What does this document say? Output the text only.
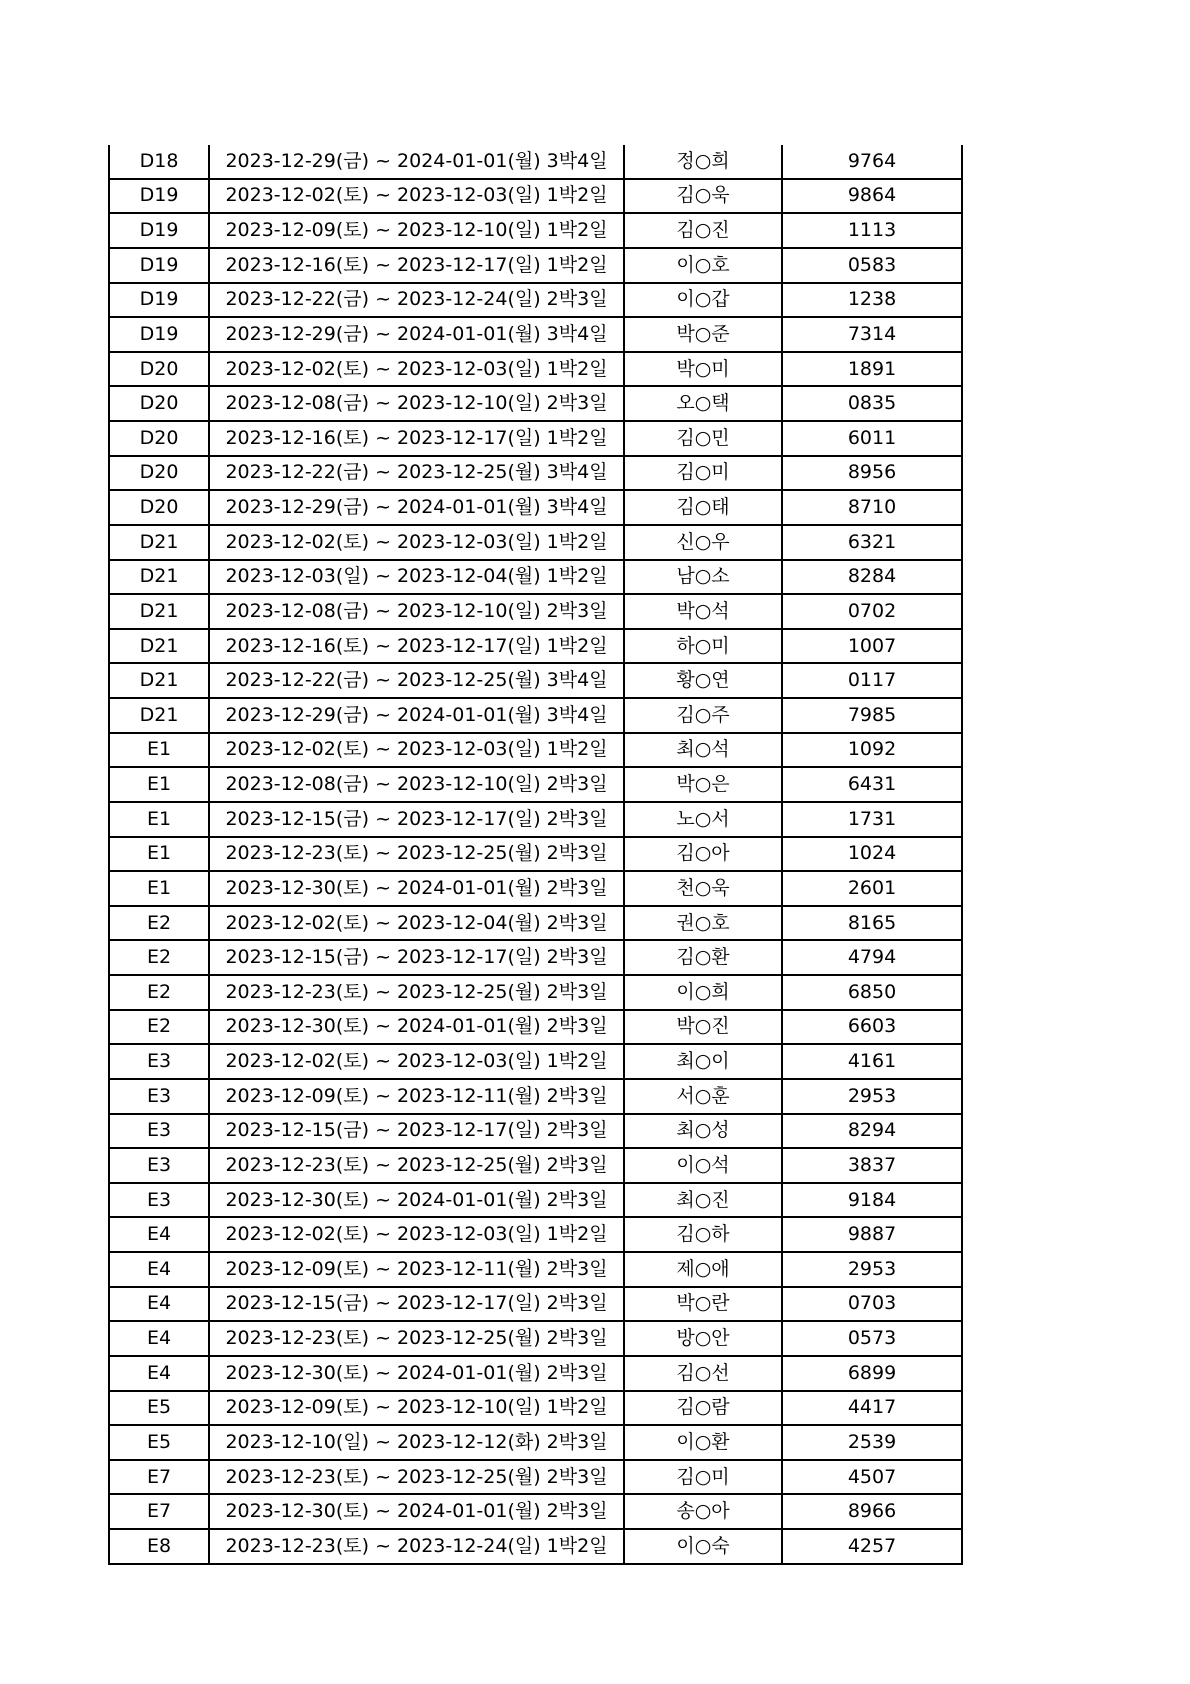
D18	2023-12-29(금) ~ 2024-01-01(월) 3박4일	정○희	9764
D19	2023-12-02(토) ~ 2023-12-03(일) 1박2일	김○욱	9864
D19	2023-12-09(토) ~ 2023-12-10(일) 1박2일	김○진	1113
D19	2023-12-16(토) ~ 2023-12-17(일) 1박2일	이○호	0583
D19	2023-12-22(금) ~ 2023-12-24(일) 2박3일	이○갑	1238
D19	2023-12-29(금) ~ 2024-01-01(월) 3박4일	박○준	7314
D20	2023-12-02(토) ~ 2023-12-03(일) 1박2일	박○미	1891
D20	2023-12-08(금) ~ 2023-12-10(일) 2박3일	오○택	0835
D20	2023-12-16(토) ~ 2023-12-17(일) 1박2일	김○민	6011
D20	2023-12-22(금) ~ 2023-12-25(월) 3박4일	김○미	8956
D20	2023-12-29(금) ~ 2024-01-01(월) 3박4일	김○태	8710
D21	2023-12-02(토) ~ 2023-12-03(일) 1박2일	신○우	6321
D21	2023-12-03(일) ~ 2023-12-04(월) 1박2일	남○소	8284
D21	2023-12-08(금) ~ 2023-12-10(일) 2박3일	박○석	0702
D21	2023-12-16(토) ~ 2023-12-17(일) 1박2일	하○미	1007
D21	2023-12-22(금) ~ 2023-12-25(월) 3박4일	황○연	0117
D21	2023-12-29(금) ~ 2024-01-01(월) 3박4일	김○주	7985
E1	2023-12-02(토) ~ 2023-12-03(일) 1박2일	최○석	1092
E1	2023-12-08(금) ~ 2023-12-10(일) 2박3일	박○은	6431
E1	2023-12-15(금) ~ 2023-12-17(일) 2박3일	노○서	1731
E1	2023-12-23(토) ~ 2023-12-25(월) 2박3일	김○아	1024
E1	2023-12-30(토) ~ 2024-01-01(월) 2박3일	천○욱	2601
E2	2023-12-02(토) ~ 2023-12-04(월) 2박3일	권○호	8165
E2	2023-12-15(금) ~ 2023-12-17(일) 2박3일	김○환	4794
E2	2023-12-23(토) ~ 2023-12-25(월) 2박3일	이○희	6850
E2	2023-12-30(토) ~ 2024-01-01(월) 2박3일	박○진	6603
E3	2023-12-02(토) ~ 2023-12-03(일) 1박2일	최○이	4161
E3	2023-12-09(토) ~ 2023-12-11(월) 2박3일	서○훈	2953
E3	2023-12-15(금) ~ 2023-12-17(일) 2박3일	최○성	8294
E3	2023-12-23(토) ~ 2023-12-25(월) 2박3일	이○석	3837
E3	2023-12-30(토) ~ 2024-01-01(월) 2박3일	최○진	9184
E4	2023-12-02(토) ~ 2023-12-03(일) 1박2일	김○하	9887
E4	2023-12-09(토) ~ 2023-12-11(월) 2박3일	제○애	2953
E4	2023-12-15(금) ~ 2023-12-17(일) 2박3일	박○란	0703
E4	2023-12-23(토) ~ 2023-12-25(월) 2박3일	방○안	0573
E4	2023-12-30(토) ~ 2024-01-01(월) 2박3일	김○선	6899
E5	2023-12-09(토) ~ 2023-12-10(일) 1박2일	김○람	4417
E5	2023-12-10(일) ~ 2023-12-12(화) 2박3일	이○환	2539
E7	2023-12-23(토) ~ 2023-12-25(월) 2박3일	김○미	4507
E7	2023-12-30(토) ~ 2024-01-01(월) 2박3일	송○아	8966
E8	2023-12-23(토) ~ 2023-12-24(일) 1박2일	이○숙	4257
